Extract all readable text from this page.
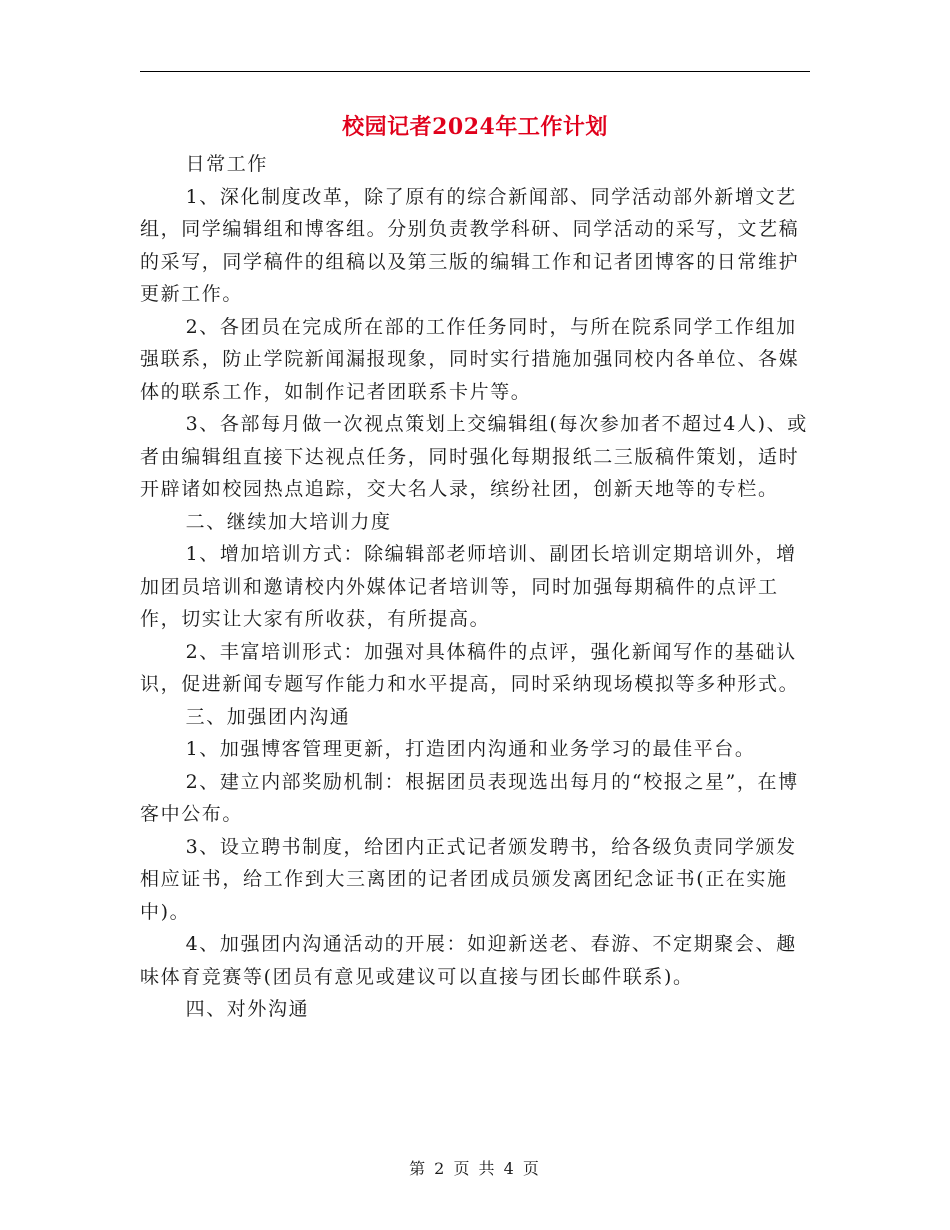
校园记者2024年工作计划

日常工作

1、深化制度改革，除了原有的综合新闻部、同学活动部外新增文艺组，同学编辑组和博客组。分别负责教学科研、同学活动的采写，文艺稿的采写，同学稿件的组稿以及第三版的编辑工作和记者团博客的日常维护更新工作。

2、各团员在完成所在部的工作任务同时，与所在院系同学工作组加强联系，防止学院新闻漏报现象，同时实行措施加强同校内各单位、各媒体的联系工作，如制作记者团联系卡片等。

3、各部每月做一次视点策划上交编辑组(每次参加者不超过4人)、或者由编辑组直接下达视点任务，同时强化每期报纸二三版稿件策划，适时开辟诸如校园热点追踪，交大名人录，缤纷社团，创新天地等的专栏。

二、继续加大培训力度

1、增加培训方式：除编辑部老师培训、副团长培训定期培训外，增加团员培训和邀请校内外媒体记者培训等，同时加强每期稿件的点评工作，切实让大家有所收获，有所提高。

2、丰富培训形式：加强对具体稿件的点评，强化新闻写作的基础认识，促进新闻专题写作能力和水平提高，同时采纳现场模拟等多种形式。

三、加强团内沟通

1、加强博客管理更新，打造团内沟通和业务学习的最佳平台。

2、建立内部奖励机制：根据团员表现选出每月的“校报之星”，在博客中公布。

3、设立聘书制度，给团内正式记者颁发聘书，给各级负责同学颁发相应证书，给工作到大三离团的记者团成员颁发离团纪念证书(正在实施中)。

4、加强团内沟通活动的开展：如迎新送老、春游、不定期聚会、趣味体育竞赛等(团员有意见或建议可以直接与团长邮件联系)。

四、对外沟通

第 2 页 共 4 页
